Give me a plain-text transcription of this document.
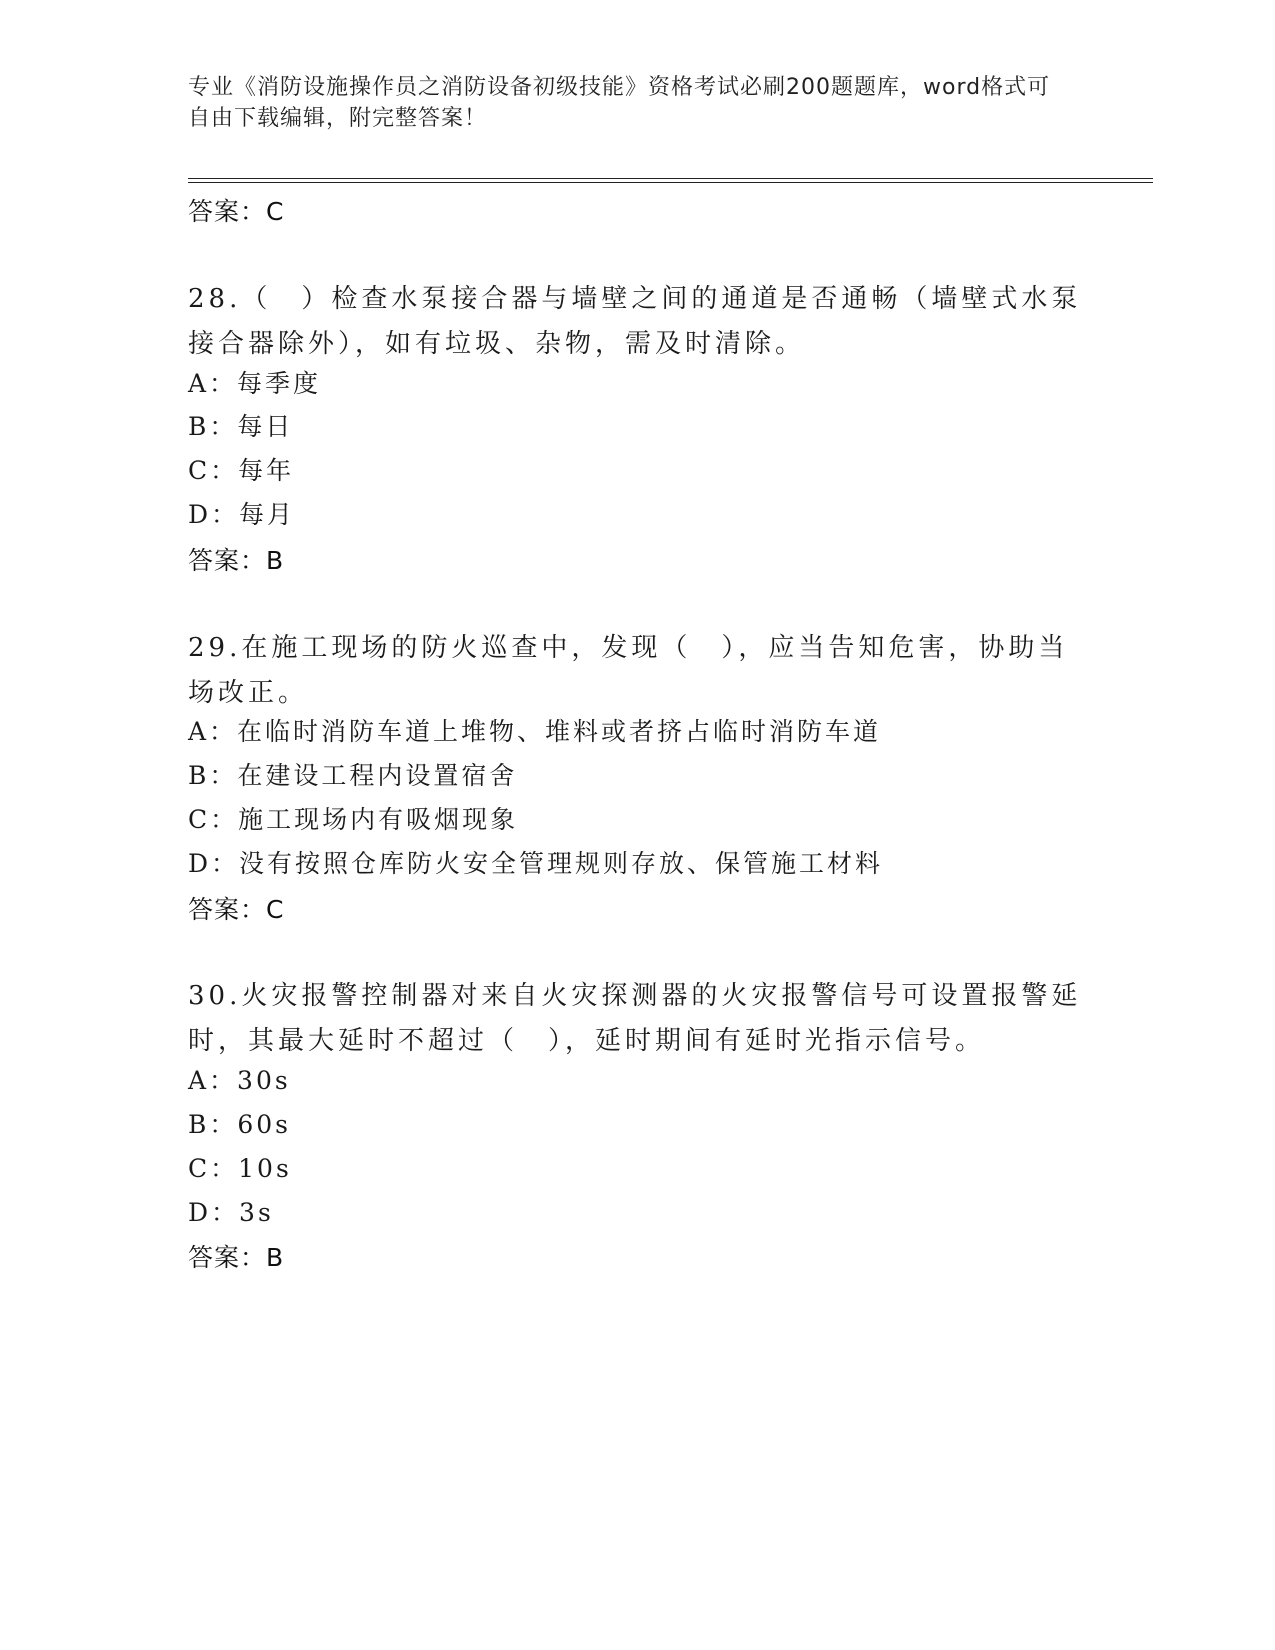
专业《消防设施操作员之消防设备初级技能》资格考试必刷200题题库，word格式可自由下载编辑，附完整答案！
答案：C

28.（　）检查水泵接合器与墙壁之间的通道是否通畅（墙壁式水泵接合器除外），如有垃圾、杂物，需及时清除。

A：每季度
B：每日
C：每年
D：每月
答案：B

29.在施工现场的防火巡查中，发现（　），应当告知危害，协助当场改正。

A：在临时消防车道上堆物、堆料或者挤占临时消防车道
B：在建设工程内设置宿舍
C：施工现场内有吸烟现象
D：没有按照仓库防火安全管理规则存放、保管施工材料
答案：C

30.火灾报警控制器对来自火灾探测器的火灾报警信号可设置报警延时，其最大延时不超过（　），延时期间有延时光指示信号。

A：30s
B：60s
C：10s
D：3s
答案：B
